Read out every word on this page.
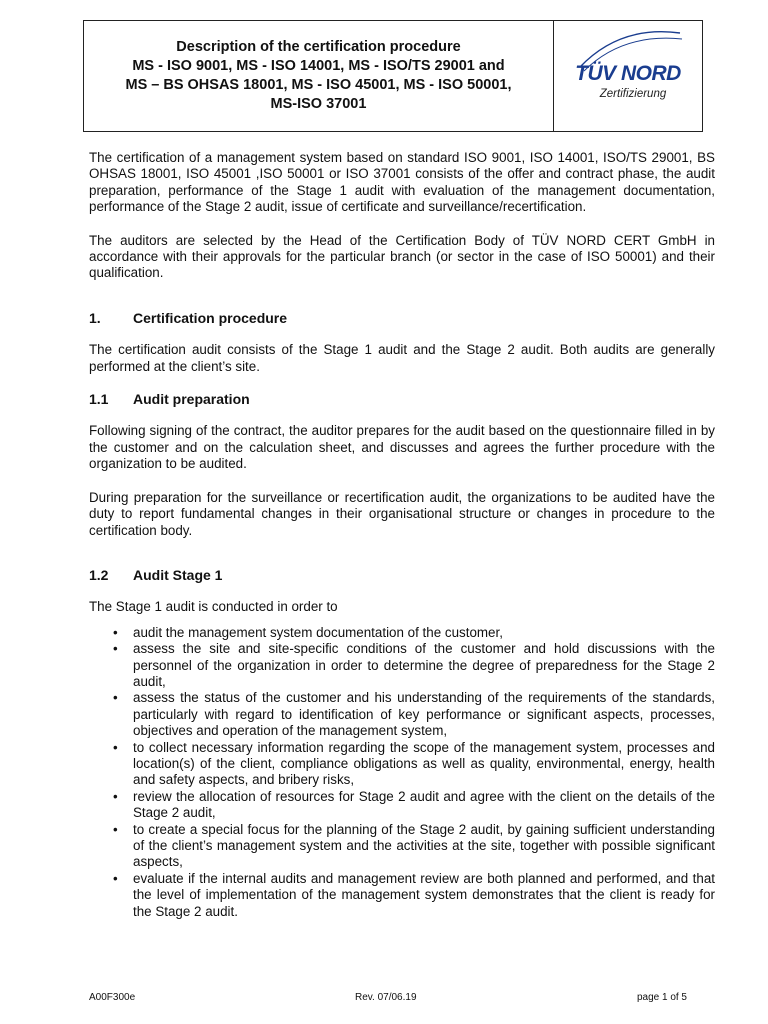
Description of the certification procedure
MS - ISO 9001, MS - ISO 14001, MS - ISO/TS 29001 and
MS – BS OHSAS 18001, MS - ISO 45001, MS - ISO 50001,
MS-ISO 37001
TÜV NORD
Zertifizierung

The certification of a management system based on standard ISO 9001, ISO 14001, ISO/TS 29001, BS OHSAS 18001, ISO 45001 ,ISO 50001 or ISO 37001 consists of the offer and contract phase, the audit preparation, performance of the Stage 1 audit with evaluation of the management documentation, performance of the Stage 2 audit, issue of certificate and surveillance/recertification.

The auditors are selected by the Head of the Certification Body of TÜV NORD CERT GmbH in accordance with their approvals for the particular branch (or sector in the case of ISO 50001) and their qualification.

1.	Certification procedure

The certification audit consists of the Stage 1 audit and the Stage 2 audit. Both audits are generally performed at the client’s site.

1.1	Audit preparation

Following signing of the contract, the auditor prepares for the audit based on the questionnaire filled in by the customer and on the calculation sheet, and discusses and agrees the further procedure with the organization to be audited.

During preparation for the surveillance or recertification audit, the organizations to be audited have the duty to report fundamental changes in their organisational structure or changes in procedure to the certification body.

1.2	Audit Stage 1

The Stage 1 audit is conducted in order to

• audit the management system documentation of the customer,
• assess the site and site-specific conditions of the customer and hold discussions with the personnel of the organization in order to determine the degree of preparedness for the Stage 2 audit,
• assess the status of the customer and his understanding of the requirements of the standards, particularly with regard to identification of key performance or significant aspects, processes, objectives and operation of the management system,
• to collect necessary information regarding the scope of the management system, processes and location(s) of the client, compliance obligations as well as quality, environmental, energy, health and safety aspects, and bribery risks,
• review the allocation of resources for Stage 2 audit and agree with the client on the details of the Stage 2 audit,
• to create a special focus for the planning of the Stage 2 audit, by gaining sufficient understanding of the client’s management system and the activities at the site, together with possible significant aspects,
• evaluate if the internal audits and management review are both planned and performed, and that the level of implementation of the management system demonstrates that the client is ready for the Stage 2 audit.
A00F300e	Rev. 07/06.19	page 1 of 5
